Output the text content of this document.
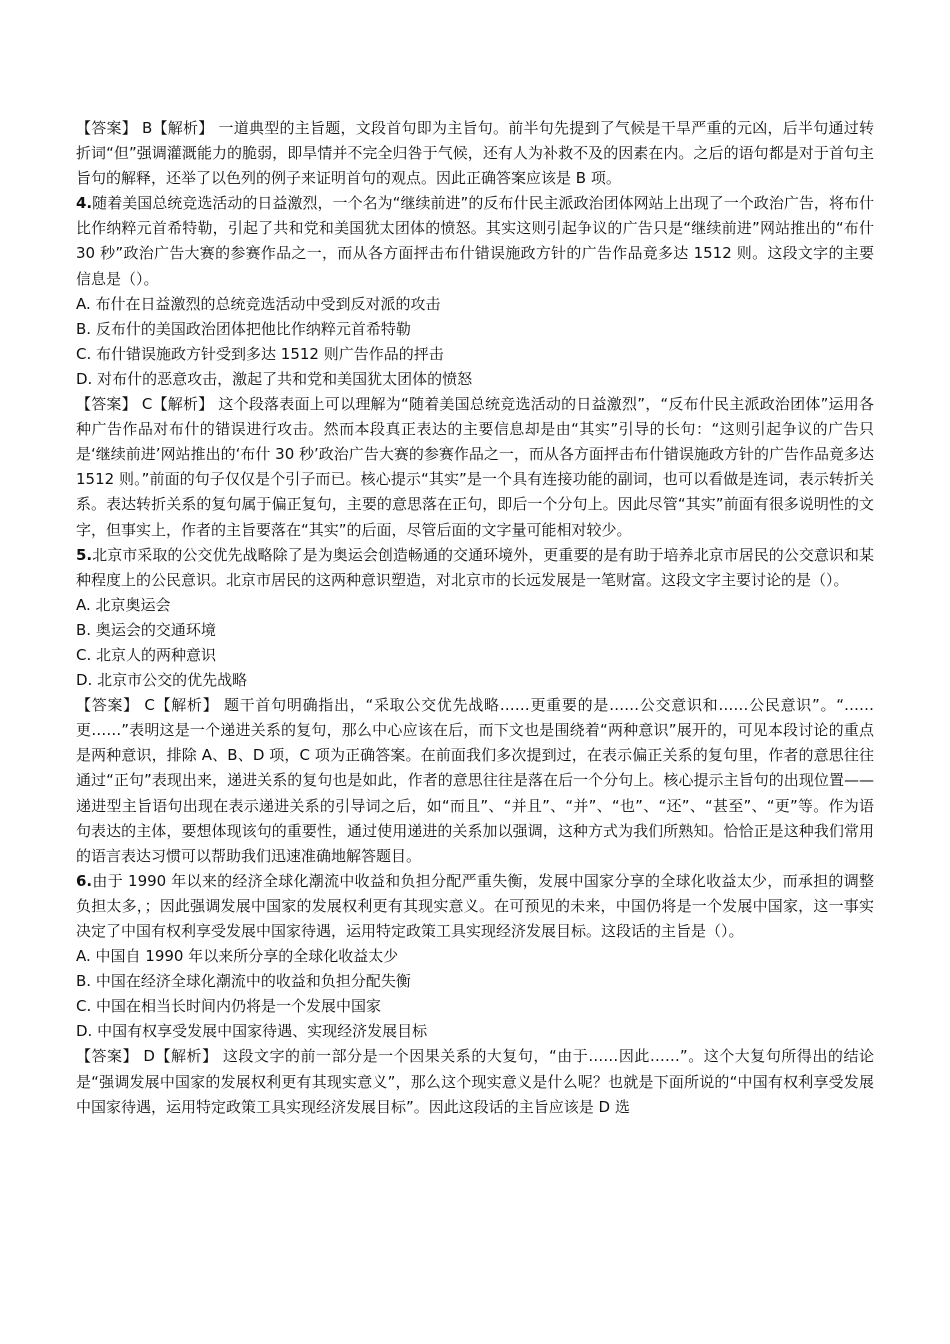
【答案】 B【解析】 一道典型的主旨题，文段首句即为主旨句。前半句先提到了气候是干旱严重的元凶，后半句通过转折词“但”强调灌溉能力的脆弱，即旱情并不完全归咎于气候，还有人为补救不及的因素在内。之后的语句都是对于首句主旨句的解释，还举了以色列的例子来证明首句的观点。因此正确答案应该是 B 项。

4.随着美国总统竞选活动的日益激烈，一个名为“继续前进”的反布什民主派政治团体网站上出现了一个政治广告，将布什比作纳粹元首希特勒，引起了共和党和美国犹太团体的愤怒。其实这则引起争议的广告只是“继续前进”网站推出的“布什 30 秒”政治广告大赛的参赛作品之一，而从各方面抨击布什错误施政方针的广告作品竟多达 1512 则。这段文字的主要信息是（）。

A. 布什在日益激烈的总统竞选活动中受到反对派的攻击

B. 反布什的美国政治团体把他比作纳粹元首希特勒

C. 布什错误施政方针受到多达 1512 则广告作品的抨击

D. 对布什的恶意攻击，激起了共和党和美国犹太团体的愤怒

【答案】 C【解析】 这个段落表面上可以理解为“随着美国总统竞选活动的日益激烈”，“反布什民主派政治团体”运用各种广告作品对布什的错误进行攻击。然而本段真正表达的主要信息却是由“其实”引导的长句：“这则引起争议的广告只是‘继续前进’网站推出的‘布什 30 秒’政治广告大赛的参赛作品之一，而从各方面抨击布什错误施政方针的广告作品竟多达 1512 则。”前面的句子仅仅是个引子而已。核心提示“其实”是一个具有连接功能的副词，也可以看做是连词，表示转折关系。表达转折关系的复句属于偏正复句，主要的意思落在正句，即后一个分句上。因此尽管“其实”前面有很多说明性的文字，但事实上，作者的主旨要落在“其实”的后面，尽管后面的文字量可能相对较少。

5.北京市采取的公交优先战略除了是为奥运会创造畅通的交通环境外，更重要的是有助于培养北京市居民的公交意识和某种程度上的公民意识。北京市居民的这两种意识塑造，对北京市的长远发展是一笔财富。这段文字主要讨论的是（）。

A. 北京奥运会

B. 奥运会的交通环境

C. 北京人的两种意识

D. 北京市公交的优先战略

【答案】 C【解析】 题干首句明确指出，“采取公交优先战略……更重要的是……公交意识和……公民意识”。“……更……”表明这是一个递进关系的复句，那么中心应该在后，而下文也是围绕着“两种意识”展开的，可见本段讨论的重点是两种意识，排除 A、B、D 项，C 项为正确答案。在前面我们多次提到过，在表示偏正关系的复句里，作者的意思往往通过“正句”表现出来，递进关系的复句也是如此，作者的意思往往是落在后一个分句上。核心提示主旨句的出现位置——递进型主旨语句出现在表示递进关系的引导词之后，如“而且”、“并且”、“并”、“也”、“还”、“甚至”、“更”等。作为语句表达的主体，要想体现该句的重要性，通过使用递进的关系加以强调，这种方式为我们所熟知。恰恰正是这种我们常用的语言表达习惯可以帮助我们迅速准确地解答题目。

6.由于 1990 年以来的经济全球化潮流中收益和负担分配严重失衡，发展中国家分享的全球化收益太少，而承担的调整负担太多，；因此强调发展中国家的发展权利更有其现实意义。在可预见的未来，中国仍将是一个发展中国家，这一事实决定了中国有权利享受发展中国家待遇，运用特定政策工具实现经济发展目标。这段话的主旨是（）。

A. 中国自 1990 年以来所分享的全球化收益太少

B. 中国在经济全球化潮流中的收益和负担分配失衡

C. 中国在相当长时间内仍将是一个发展中国家

D. 中国有权享受发展中国家待遇、实现经济发展目标

【答案】 D【解析】 这段文字的前一部分是一个因果关系的大复句，“由于……因此……”。这个大复句所得出的结论是“强调发展中国家的发展权利更有其现实意义”，那么这个现实意义是什么呢？也就是下面所说的“中国有权利享受发展中国家待遇，运用特定政策工具实现经济发展目标”。因此这段话的主旨应该是 D 选
